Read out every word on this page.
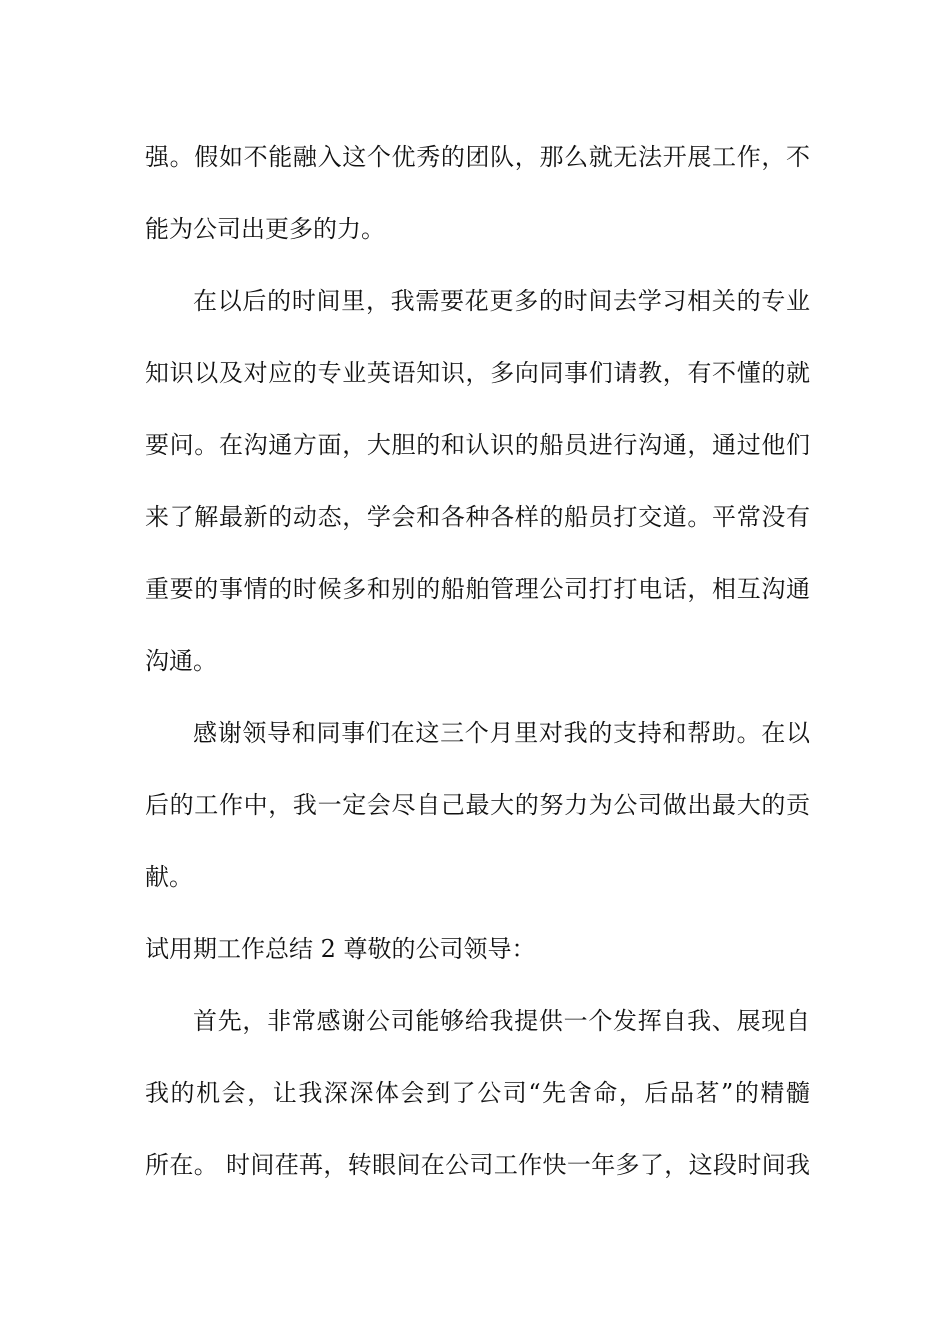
强。假如不能融入这个优秀的团队，那么就无法开展工作，不
能为公司出更多的力。
在以后的时间里，我需要花更多的时间去学习相关的专业
知识以及对应的专业英语知识，多向同事们请教，有不懂的就
要问。在沟通方面，大胆的和认识的船员进行沟通，通过他们
来了解最新的动态，学会和各种各样的船员打交道。平常没有
重要的事情的时候多和别的船舶管理公司打打电话，相互沟通
沟通。
感谢领导和同事们在这三个月里对我的支持和帮助。在以
后的工作中，我一定会尽自己最大的努力为公司做出最大的贡
献。
试用期工作总结 2 尊敬的公司领导：
首先，非常感谢公司能够给我提供一个发挥自我、展现自
我的机会，让我深深体会到了公司“先舍命，后品茗”的精髓
所在。 时间荏苒，转眼间在公司工作快一年多了，这段时间我
